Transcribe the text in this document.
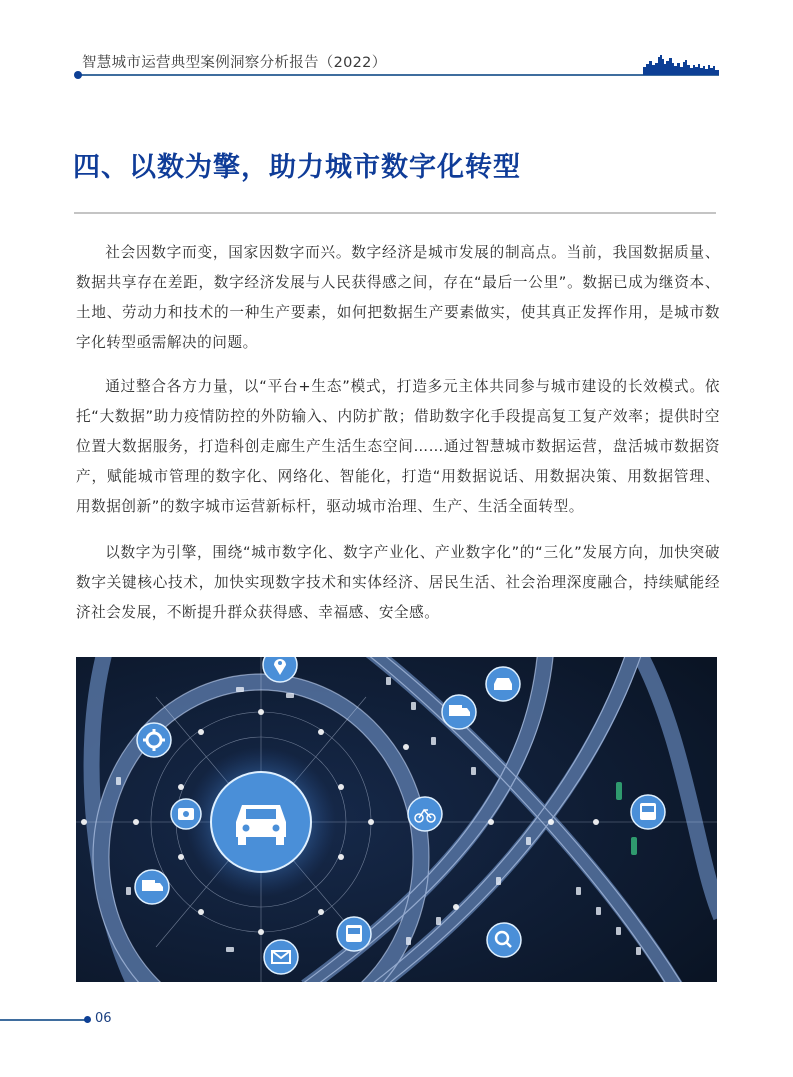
智慧城市运营典型案例洞察分析报告（2022）
四、以数为擎，助力城市数字化转型

社会因数字而变，国家因数字而兴。数字经济是城市发展的制高点。当前，我国数据质量、数据共享存在差距，数字经济发展与人民获得感之间，存在“最后一公里”。数据已成为继资本、土地、劳动力和技术的一种生产要素，如何把数据生产要素做实，使其真正发挥作用，是城市数字化转型亟需解决的问题。

通过整合各方力量，以“平台+生态”模式，打造多元主体共同参与城市建设的长效模式。依托“大数据”助力疫情防控的外防输入、内防扩散；借助数字化手段提高复工复产效率；提供时空位置大数据服务，打造科创走廊生产生活生态空间……通过智慧城市数据运营，盘活城市数据资产，赋能城市管理的数字化、网络化、智能化，打造“用数据说话、用数据决策、用数据管理、用数据创新”的数字城市运营新标杆，驱动城市治理、生产、生活全面转型。

以数字为引擎，围绕“城市数字化、数字产业化、产业数字化”的“三化”发展方向，加快突破数字关键核心技术，加快实现数字技术和实体经济、居民生活、社会治理深度融合，持续赋能经济社会发展，不断提升群众获得感、幸福感、安全感。

06
